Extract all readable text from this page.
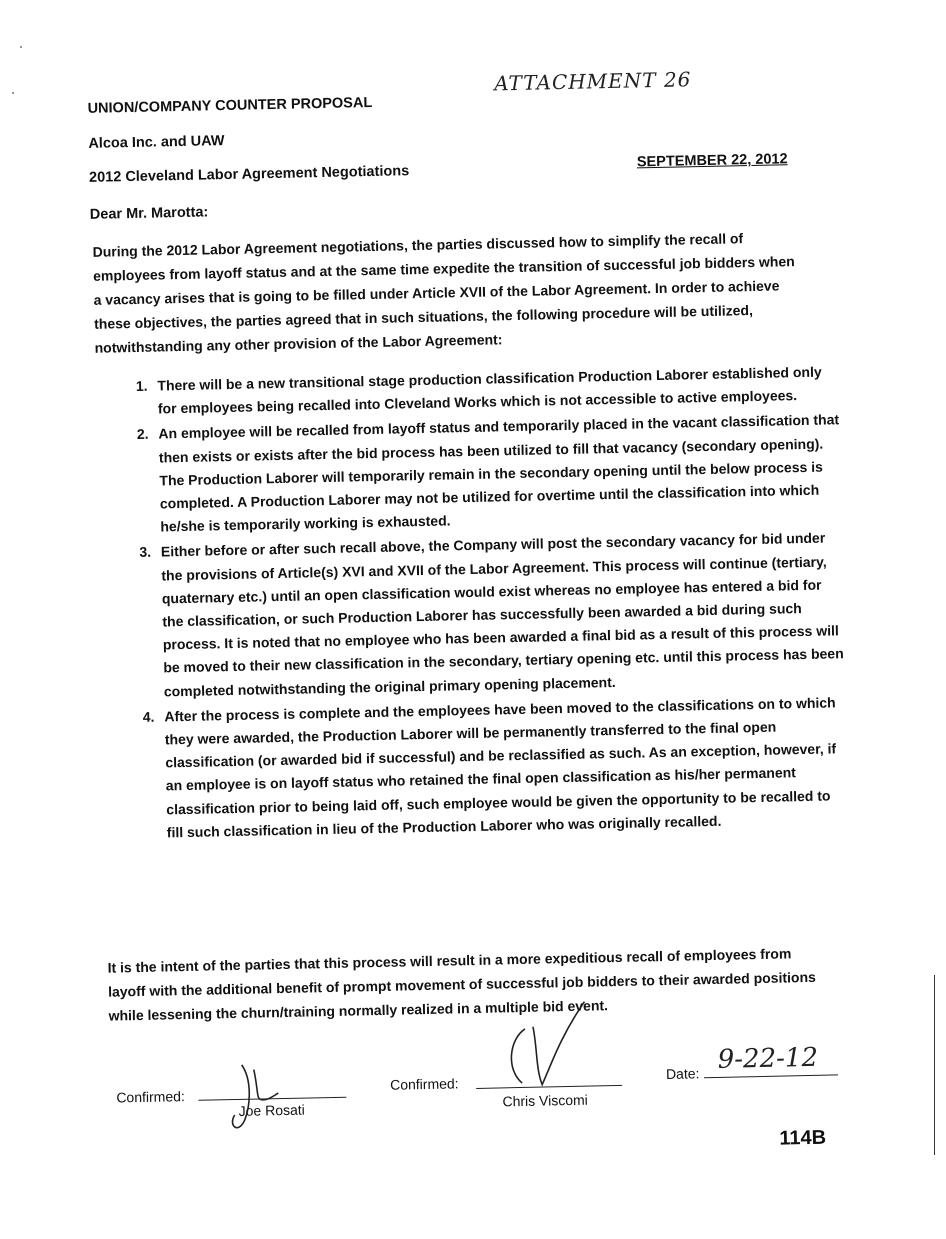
UNION/COMPANY COUNTER PROPOSAL
ATTACHMENT 26
Alcoa Inc. and UAW
2012 Cleveland Labor Agreement Negotiations
SEPTEMBER 22, 2012
Dear Mr. Marotta:
During the 2012 Labor Agreement negotiations, the parties discussed how to simplify the recall of employees from layoff status and at the same time expedite the transition of successful job bidders when a vacancy arises that is going to be filled under Article XVII of the Labor Agreement. In order to achieve these objectives, the parties agreed that in such situations, the following procedure will be utilized, notwithstanding any other provision of the Labor Agreement:
1. There will be a new transitional stage production classification Production Laborer established only for employees being recalled into Cleveland Works which is not accessible to active employees.
2. An employee will be recalled from layoff status and temporarily placed in the vacant classification that then exists or exists after the bid process has been utilized to fill that vacancy (secondary opening). The Production Laborer will temporarily remain in the secondary opening until the below process is completed. A Production Laborer may not be utilized for overtime until the classification into which he/she is temporarily working is exhausted.
3. Either before or after such recall above, the Company will post the secondary vacancy for bid under the provisions of Article(s) XVI and XVII of the Labor Agreement. This process will continue (tertiary, quaternary etc.) until an open classification would exist whereas no employee has entered a bid for the classification, or such Production Laborer has successfully been awarded a bid during such process. It is noted that no employee who has been awarded a final bid as a result of this process will be moved to their new classification in the secondary, tertiary opening etc. until this process has been completed notwithstanding the original primary opening placement.
4. After the process is complete and the employees have been moved to the classifications on to which they were awarded, the Production Laborer will be permanently transferred to the final open classification (or awarded bid if successful) and be reclassified as such. As an exception, however, if an employee is on layoff status who retained the final open classification as his/her permanent classification prior to being laid off, such employee would be given the opportunity to be recalled to fill such classification in lieu of the Production Laborer who was originally recalled.
It is the intent of the parties that this process will result in a more expeditious recall of employees from layoff with the additional benefit of prompt movement of successful job bidders to their awarded positions while lessening the churn/training normally realized in a multiple bid event.
Confirmed:
Joe Rosati
Confirmed:
Chris Viscomi
Date: 9-22-12
114B
